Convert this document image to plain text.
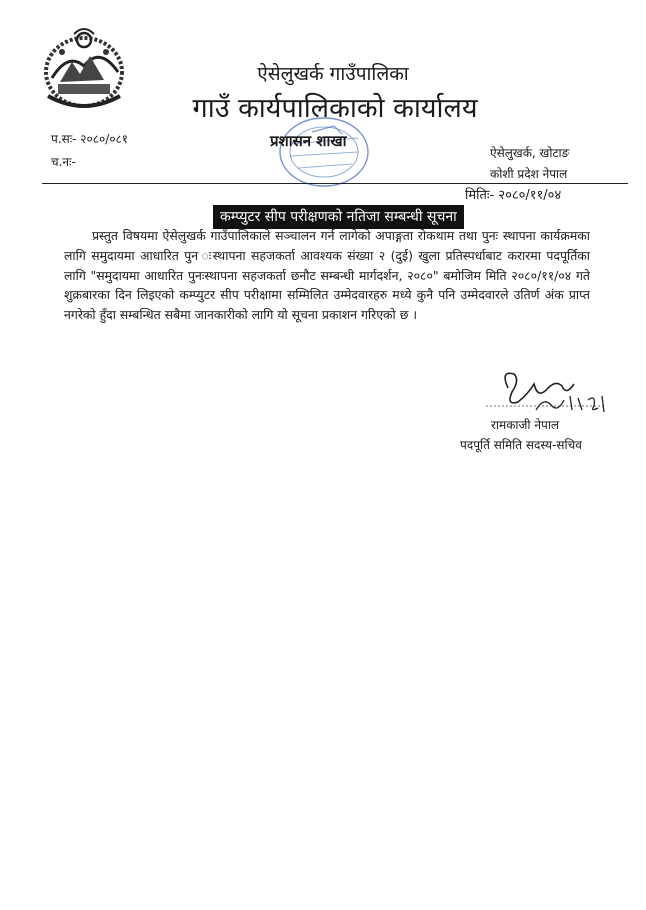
ऐसेलुखर्क गाउँपालिका
गाउँ कार्यपालिकाको कार्यालय
प्रशासन शाखा
प.सः- २०८०/०८१
च.नः-
ऐसेलुखर्क, खोटाङ
कोशी प्रदेश नेपाल
मितिः- २०८०/११/०४
कम्प्युटर सीप परीक्षणको नतिजा सम्बन्धी सूचना
प्रस्तुत विषयमा ऐसेलुखर्क गाउँपालिकाले सञ्चालन गर्न लागेको अपाङ्गता रोकथाम तथा पुनः स्थापना कार्यक्रमका लागि समुदायमा आधारित पुन ःस्थापना सहजकर्ता आवश्यक संख्या २ (दुई) खुला प्रतिस्पर्धाबाट करारमा पदपूर्तिका लागि "समुदायमा आधारित पुनःस्थापना सहजकर्ता छनौट सम्बन्धी मार्गदर्शन, २०८०" बमोजिम मिति २०८०/११/०४ गते शुक्रबारका दिन लिइएको कम्प्युटर सीप परीक्षामा सम्मिलित उम्मेदवारहरु मध्ये कुनै पनि उम्मेदवारले उतिर्ण अंक प्राप्त नगरेको हुँदा सम्बन्धित सबैमा जानकारीको लागि यो सूचना प्रकाशन गरिएको छ ।
रामकाजी नेपाल
पदपूर्ति समिति सदस्य-सचिव
